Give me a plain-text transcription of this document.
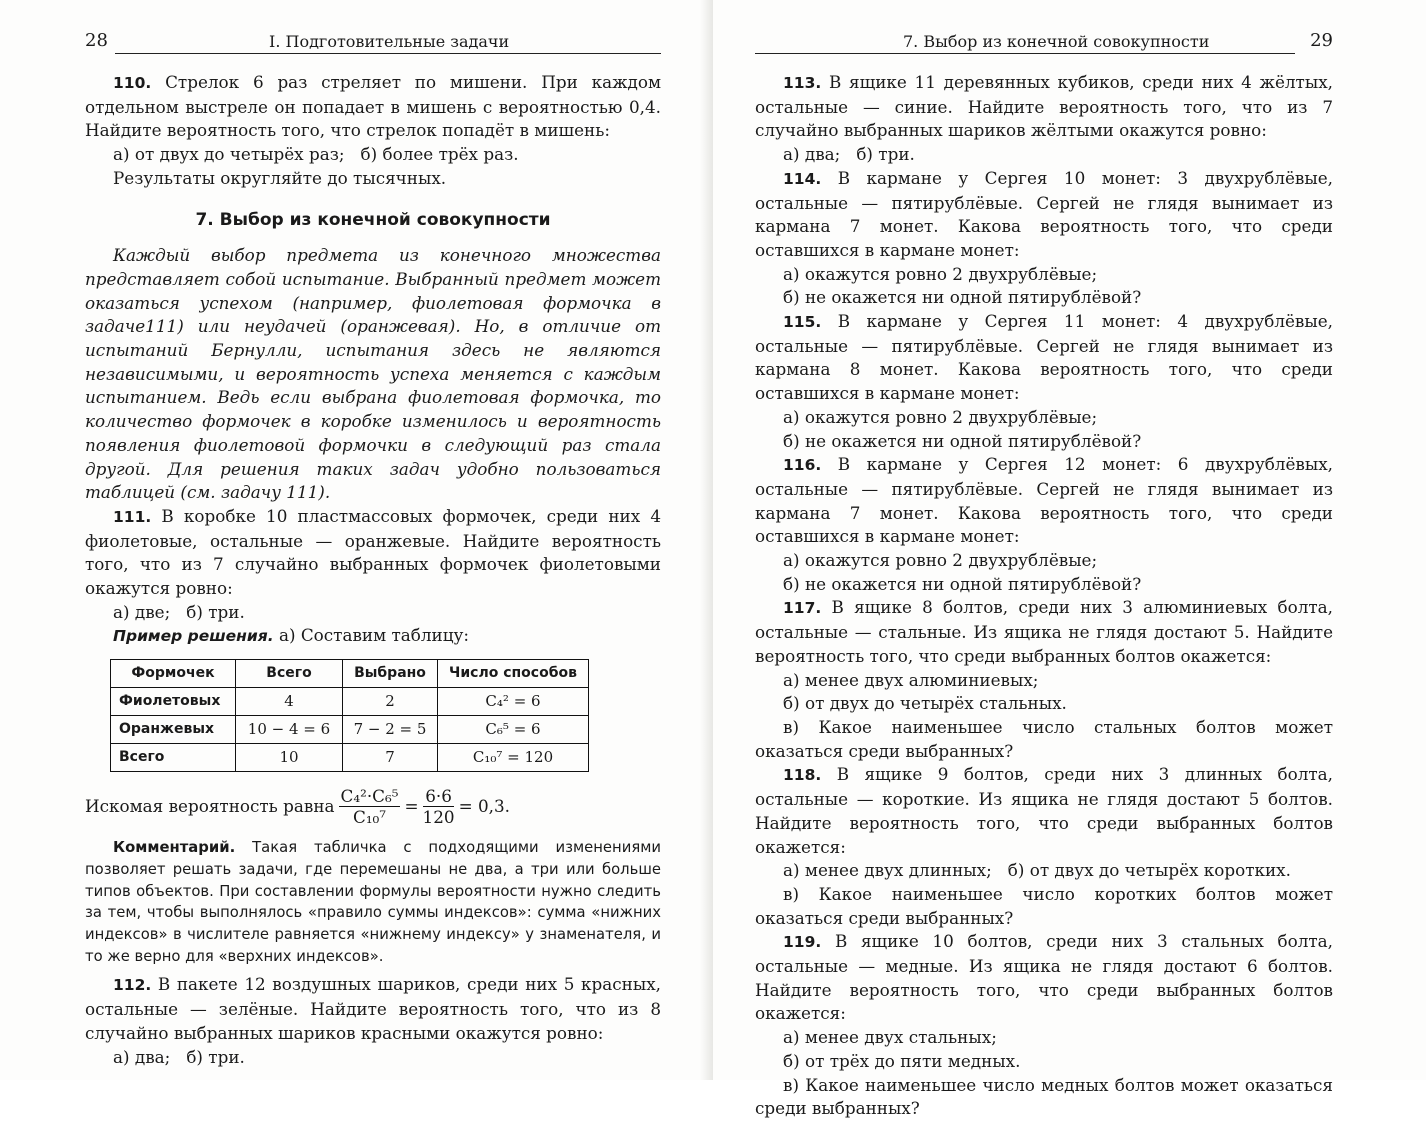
28	I. Подготовительные задачи

110. Стрелок 6 раз стреляет по мишени. При каждом отдельном выстреле он попадает в мишень с вероятностью 0,4. Найдите вероятность того, что стрелок попадёт в мишень:

а) от двух до четырёх раз;   б) более трёх раз.

Результаты округляйте до тысячных.

7. Выбор из конечной совокупности

Каждый выбор предмета из конечного множества представляет собой испытание. Выбранный предмет может оказаться успехом (например, фиолетовая формочка в задаче111) или неудачей (оранжевая). Но, в отличие от испытаний Бернулли, испытания здесь не являются независимыми, и вероятность успеха меняется с каждым испытанием. Ведь если выбрана фиолетовая формочка, то количество формочек в коробке изменилось и вероятность появления фиолетовой формочки в следующий раз стала другой. Для решения таких задач удобно пользоваться таблицей (см. задачу 111).

111. В коробке 10 пластмассовых формочек, среди них 4 фиолетовые, остальные — оранжевые. Найдите вероятность того, что из 7 случайно выбранных формочек фиолетовыми окажутся ровно:

а) две;   б) три.

Пример решения. а) Составим таблицу:

Формочек	Всего	Выбрано	Число способов
Фиолетовых	4	2	C₄² = 6
Оранжевых	10 − 4 = 6	7 − 2 = 5	C₆⁵ = 6
Всего	10	7	C₁₀⁷ = 120
Искомая вероятность равна $\frac{\text{C₄²·C₆⁵}}{\text{C₁₀⁷}} = \frac{6\cdot 6}{120} = 0,3$.

Комментарий. Такая табличка с подходящими изменениями позволяет решать задачи, где перемешаны не два, а три или больше типов объектов. При составлении формулы вероятности нужно следить за тем, чтобы выполнялось «правило суммы индексов»: сумма «нижних индексов» в числителе равняется «нижнему индексу» у знаменателя, и то же верно для «верхних индексов».

112. В пакете 12 воздушных шариков, среди них 5 красных, остальные — зелёные. Найдите вероятность того, что из 8 случайно выбранных шариков красными окажутся ровно:

а) два;   б) три.

7. Выбор из конечной совокупности	29

113. В ящике 11 деревянных кубиков, среди них 4 жёлтых, остальные — синие. Найдите вероятность того, что из 7 случайно выбранных шариков жёлтыми окажутся ровно:

а) два;   б) три.

114. В кармане у Сергея 10 монет: 3 двухрублёвые, остальные — пятирублёвые. Сергей не глядя вынимает из кармана 7 монет. Какова вероятность того, что среди оставшихся в кармане монет:

а) окажутся ровно 2 двухрублёвые;

б) не окажется ни одной пятирублёвой?

115. В кармане у Сергея 11 монет: 4 двухрублёвые, остальные — пятирублёвые. Сергей не глядя вынимает из кармана 8 монет. Какова вероятность того, что среди оставшихся в кармане монет:

а) окажутся ровно 2 двухрублёвые;

б) не окажется ни одной пятирублёвой?

116. В кармане у Сергея 12 монет: 6 двухрублёвых, остальные — пятирублёвые. Сергей не глядя вынимает из кармана 7 монет. Какова вероятность того, что среди оставшихся в кармане монет:

а) окажутся ровно 2 двухрублёвые;

б) не окажется ни одной пятирублёвой?

117. В ящике 8 болтов, среди них 3 алюминиевых болта, остальные — стальные. Из ящика не глядя достают 5. Найдите вероятность того, что среди выбранных болтов окажется:

а) менее двух алюминиевых;

б) от двух до четырёх стальных.

в) Какое наименьшее число стальных болтов может оказаться среди выбранных?

118. В ящике 9 болтов, среди них 3 длинных болта, остальные — короткие. Из ящика не глядя достают 5 болтов. Найдите вероятность того, что среди выбранных болтов окажется:

а) менее двух длинных;   б) от двух до четырёх коротких.

в) Какое наименьшее число коротких болтов может оказаться среди выбранных?

119. В ящике 10 болтов, среди них 3 стальных болта, остальные — медные. Из ящика не глядя достают 6 болтов. Найдите вероятность того, что среди выбранных болтов окажется:

а) менее двух стальных;

б) от трёх до пяти медных.

в) Какое наименьшее число медных болтов может оказаться среди выбранных?
